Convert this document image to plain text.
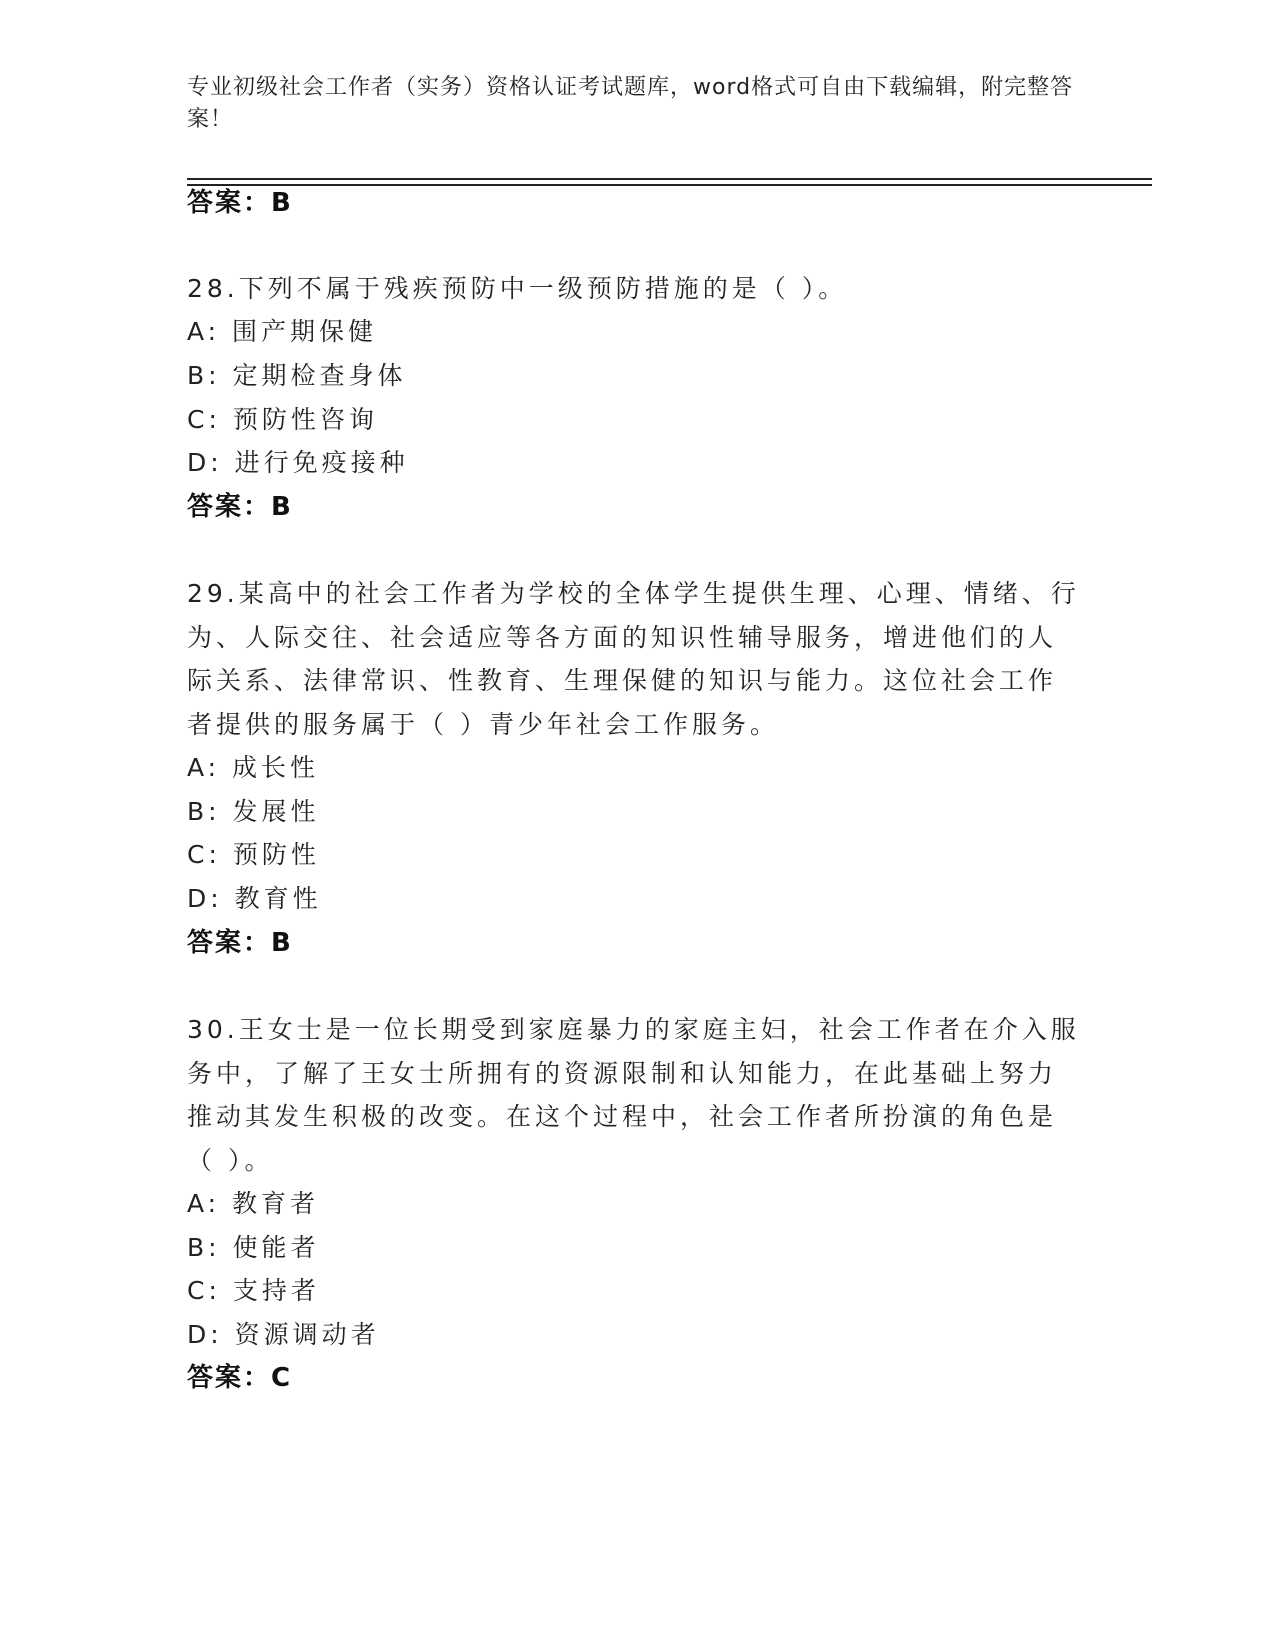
专业初级社会工作者（实务）资格认证考试题库，word格式可自由下载编辑，附完整答案！
答案：B
28.下列不属于残疾预防中一级预防措施的是（ ）。
A: 围产期保健
B: 定期检查身体
C: 预防性咨询
D: 进行免疫接种
答案：B
29.某高中的社会工作者为学校的全体学生提供生理、心理、情绪、行
为、人际交往、社会适应等各方面的知识性辅导服务，增进他们的人
际关系、法律常识、性教育、生理保健的知识与能力。这位社会工作
者提供的服务属于（ ）青少年社会工作服务。
A: 成长性
B: 发展性
C: 预防性
D: 教育性
答案：B
30.王女士是一位长期受到家庭暴力的家庭主妇，社会工作者在介入服
务中，了解了王女士所拥有的资源限制和认知能力，在此基础上努力
推动其发生积极的改变。在这个过程中，社会工作者所扮演的角色是
（ ）。
A: 教育者
B: 使能者
C: 支持者
D: 资源调动者
答案：C
